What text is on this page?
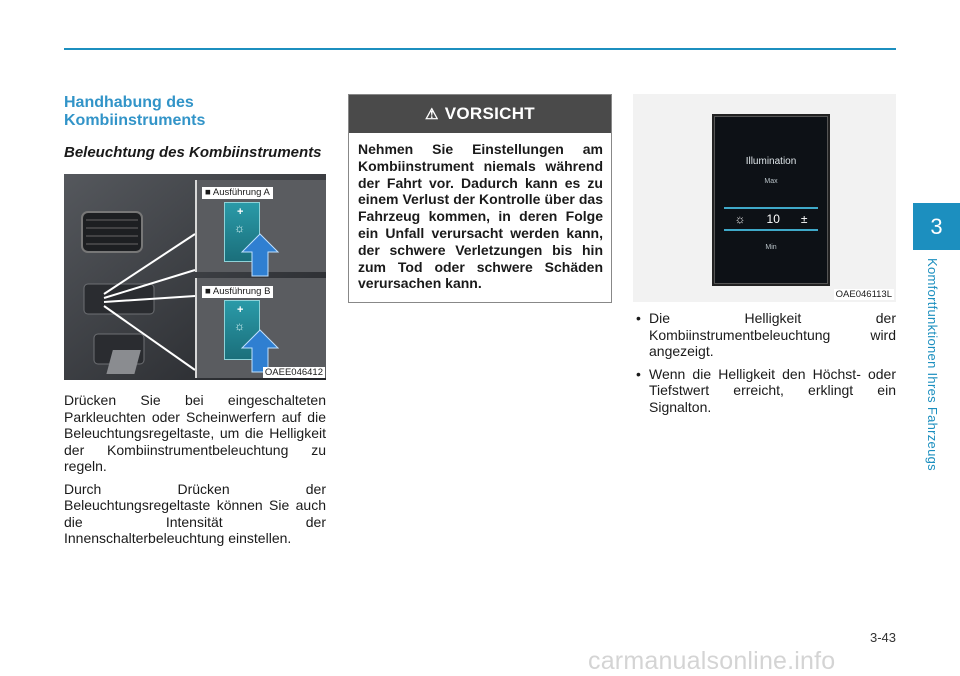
3
Komfortfunktionen Ihres Fahrzeugs
Handhabung des Kombiinstruments
Beleuchtung des Kombiinstruments
■ Ausführung A
+
☼
■ Ausführung B
+
☼
OAEE046412

Drücken Sie bei eingeschalteten Parkleuchten oder Scheinwerfern auf die Beleuchtungsregeltaste, um die Helligkeit der Kombiinstrumentbeleuchtung zu regeln.

Durch Drücken der Beleuchtungsregeltaste können Sie auch die Intensität der Innenschalterbeleuchtung einstellen.

⚠ VORSICHT
Nehmen Sie Einstellungen am Kombiinstrument niemals während der Fahrt vor. Dadurch kann es zu einem Verlust der Kontrolle über das Fahrzeug kommen, in deren Folge ein Unfall verursacht werden kann, der schwere Verletzungen bis hin zum Tod oder schwere Schäden verursachen kann.
Illumination
Max
☼ 10 ±
Min
OAE046113L
• Die Helligkeit der Kombiinstrumentbeleuchtung wird angezeigt.
• Wenn die Helligkeit den Höchst- oder Tiefstwert erreicht, erklingt ein Signalton.
3-43
carmanualsonline.info
